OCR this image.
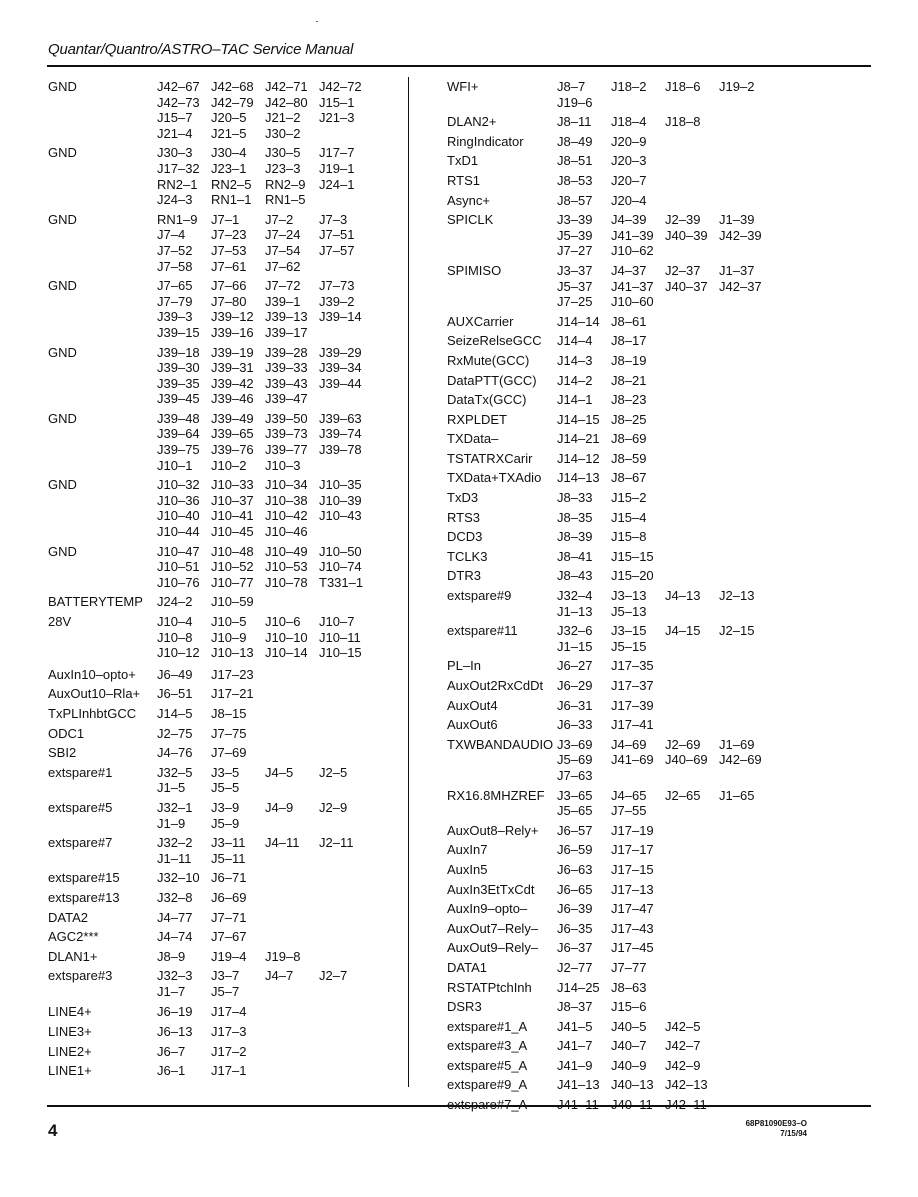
Quantar/Quantro/ASTRO–TAC Service Manual
GND	J42–67 J42–68 J42–71 J42–72
J42–73 J42–79 J42–80 J15–1
J15–7	J20–5	J21–2	J21–3
J21–4	J21–5	J30–2
GND	J30–3	J30–4	J30–5	J17–7
J17–32 J23–1	J23–3	J19–1
RN2–1	RN2–5	RN2–9	J24–1
J24–3	RN1–1	RN1–5
GND	RN1–9	J7–1	J7–2	J7–3
J7–4	J7–23	J7–24	J7–51
J7–52	J7–53	J7–54	J7–57
J7–58	J7–61	J7–62
GND	J7–65	J7–66	J7–72	J7–73
J7–79	J7–80	J39–1	J39–2
J39–3	J39–12 J39–13 J39–14
J39–15 J39–16 J39–17
GND	J39–18 J39–19 J39–28 J39–29
J39–30 J39–31 J39–33 J39–34
J39–35 J39–42 J39–43 J39–44
J39–45 J39–46 J39–47
GND	J39–48 J39–49 J39–50 J39–63
J39–64 J39–65 J39–73 J39–74
J39–75 J39–76 J39–77 J39–78
J10–1	J10–2	J10–3
GND	J10–32 J10–33 J10–34 J10–35
J10–36 J10–37 J10–38 J10–39
J10–40 J10–41 J10–42 J10–43
J10–44 J10–45 J10–46
GND	J10–47 J10–48 J10–49 J10–50
J10–51 J10–52 J10–53 J10–74
J10–76 J10–77 J10–78 T331–1
BATTERYTEMP	J24–2	J10–59
28V	J10–4	J10–5	J10–6	J10–7
J10–8	J10–9	J10–10 J10–11
J10–12 J10–13 J10–14 J10–15
AuxIn10–opto+	J6–49	J17–23
AuxOut10–Rla+	J6–51	J17–21
TxPLInhbtGCC	J14–5	J8–15
ODC1	J2–75	J7–75
SBI2	J4–76	J7–69
extspare#1	J32–5	J3–5	J4–5	J2–5
J1–5	J5–5
extspare#5	J32–1	J3–9	J4–9	J2–9
J1–9	J5–9
extspare#7	J32–2	J3–11	J4–11	J2–11
J1–11	J5–11
extspare#15	J32–10 J6–71
extspare#13	J32–8	J6–69
DATA2	J4–77	J7–71
AGC2***	J4–74	J7–67
DLAN1+	J8–9	J19–4	J19–8
extspare#3	J32–3	J3–7	J4–7	J2–7
J1–7	J5–7
LINE4+	J6–19	J17–4
LINE3+	J6–13	J17–3
LINE2+	J6–7	J17–2
LINE1+	J6–1	J17–1
WFI+	J8–7	J18–2	J18–6	J19–2
J19–6
DLAN2+	J8–11	J18–4	J18–8
RingIndicator	J8–49	J20–9
TxD1	J8–51	J20–3
RTS1	J8–53	J20–7
Async+	J8–57	J20–4
SPICLK	J3–39	J4–39	J2–39	J1–39
J5–39	J41–39 J40–39 J42–39
J7–27	J10–62
SPIMISO	J3–37	J4–37	J2–37	J1–37
J5–37	J41–37 J40–37 J42–37
J7–25	J10–60
AUXCarrier	J14–14 J8–61
SeizeRelseGCC	J14–4	J8–17
RxMute(GCC)	J14–3	J8–19
DataPTT(GCC)	J14–2	J8–21
DataTx(GCC)	J14–1	J8–23
RXPLDET	J14–15 J8–25
TXData–	J14–21 J8–69
TSTATRXCarir	J14–12 J8–59
TXData+TXAdio	J14–13 J8–67
TxD3	J8–33	J15–2
RTS3	J8–35	J15–4
DCD3	J8–39	J15–8
TCLK3	J8–41	J15–15
DTR3	J8–43	J15–20
extspare#9	J32–4	J3–13	J4–13	J2–13
J1–13	J5–13
extspare#11	J32–6	J3–15	J4–15	J2–15
J1–15	J5–15
PL–In	J6–27	J17–35
AuxOut2RxCdDt	J6–29	J17–37
AuxOut4	J6–31	J17–39
AuxOut6	J6–33	J17–41
TXWBANDAUDIO J3–69	J4–69	J2–69	J1–69
J5–69	J41–69 J40–69 J42–69
J7–63
RX16.8MHZREF J3–65	J4–65	J2–65	J1–65
J5–65	J7–55
AuxOut8–Rely+	J6–57	J17–19
AuxIn7	J6–59	J17–17
AuxIn5	J6–63	J17–15
AuxIn3EtTxCdt	J6–65	J17–13
AuxIn9–opto–	J6–39	J17–47
AuxOut7–Rely–	J6–35	J17–43
AuxOut9–Rely–	J6–37	J17–45
DATA1	J2–77	J7–77
RSTATPtchInh	J14–25 J8–63
DSR3	J8–37	J15–6
extspare#1_A	J41–5	J40–5	J42–5
extspare#3_A	J41–7	J40–7	J42–7
extspare#5_A	J41–9	J40–9	J42–9
extspare#9_A	J41–13 J40–13 J42–13
extspare#7_A	J41–11 J40–11 J42–11
4	68P81090E93–O
7/15/94
